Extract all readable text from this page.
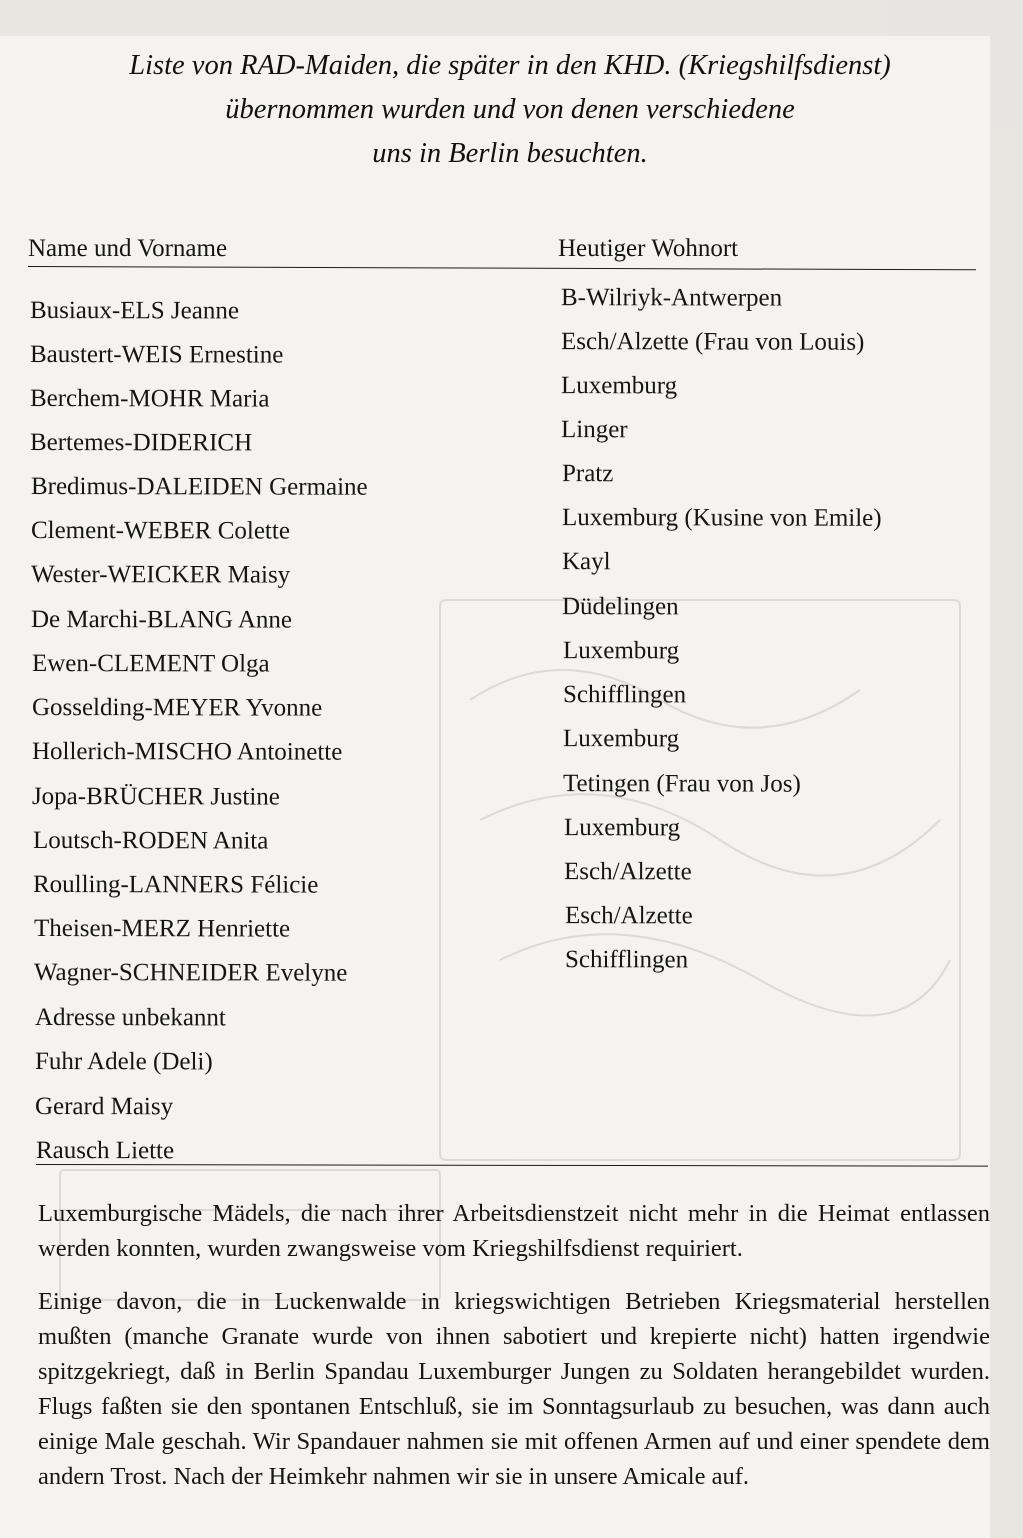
Liste von RAD-Maiden, die später in den KHD. (Kriegshilfsdienst)
übernommen wurden und von denen verschiedene
uns in Berlin besuchten.
Name und Vorname	Heutiger Wohnort
Busiaux-ELS Jeanne	B-Wilriyk-Antwerpen
Baustert-WEIS Ernestine	Esch/Alzette (Frau von Louis)
Berchem-MOHR Maria	Luxemburg
Bertemes-DIDERICH	Linger
Bredimus-DALEIDEN Germaine	Pratz
Clement-WEBER Colette	Luxemburg (Kusine von Emile)
Wester-WEICKER Maisy	Kayl
De Marchi-BLANG Anne	Düdelingen
Ewen-CLEMENT Olga	Luxemburg
Gosselding-MEYER Yvonne	Schifflingen
Hollerich-MISCHO Antoinette	Luxemburg
Jopa-BRÜCHER Justine	Tetingen (Frau von Jos)
Loutsch-RODEN Anita	Luxemburg
Roulling-LANNERS Félicie	Esch/Alzette
Theisen-MERZ Henriette	Esch/Alzette
Wagner-SCHNEIDER Evelyne	Schifflingen
Adresse unbekannt
Fuhr Adele (Deli)
Gerard Maisy
Rausch Liette
Luxemburgische Mädels, die nach ihrer Arbeitsdienstzeit nicht mehr in die Heimat entlassen werden konnten, wurden zwangsweise vom Kriegshilfsdienst requiriert.
Einige davon, die in Luckenwalde in kriegswichtigen Betrieben Kriegsmaterial herstellen mußten (manche Granate wurde von ihnen sabotiert und krepierte nicht) hatten irgendwie spitzgekriegt, daß in Berlin Spandau Luxemburger Jungen zu Soldaten herangebildet wurden. Flugs faßten sie den spontanen Entschluß, sie im Sonntagsurlaub zu besuchen, was dann auch einige Male geschah. Wir Spandauer nahmen sie mit offenen Armen auf und einer spendete dem andern Trost. Nach der Heimkehr nahmen wir sie in unsere Amicale auf.
